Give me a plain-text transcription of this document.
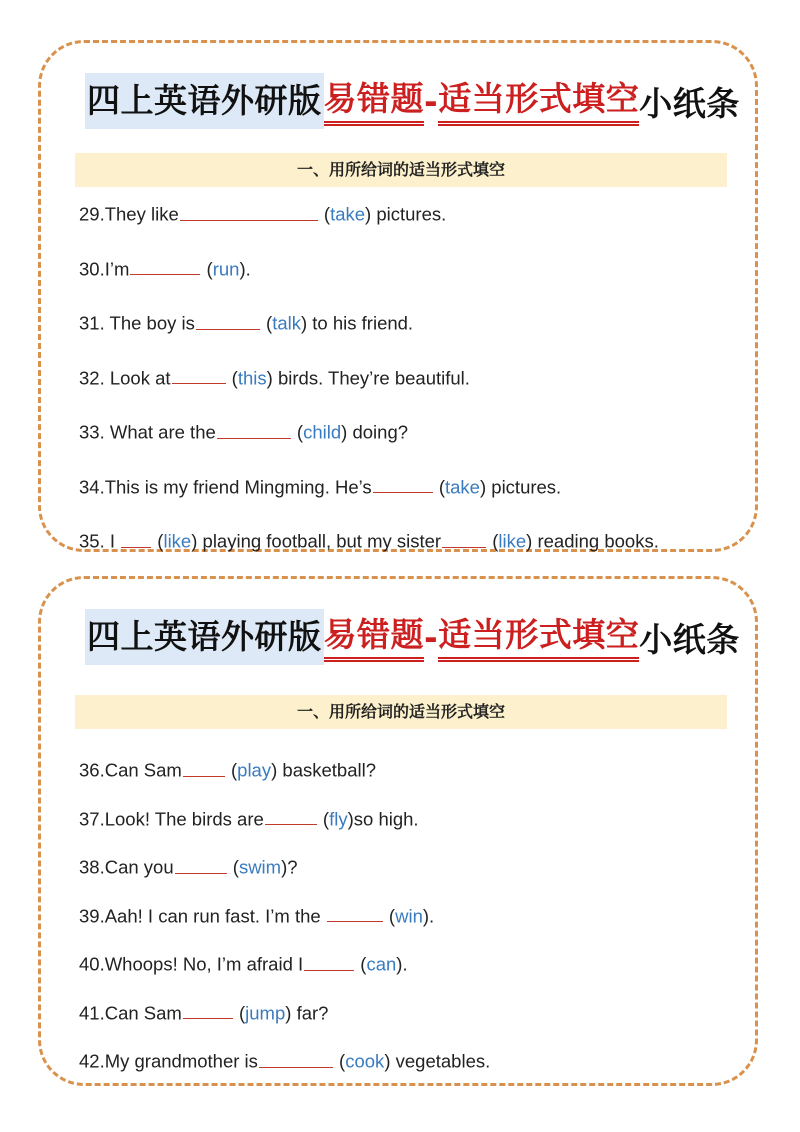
四上英语外研版 易错题 - 适当形式填空 小纸条
一、用所给词的适当形式填空
29.They like	(take) pictures.
30.I’m	(run).
31. The boy is	(talk) to his friend.
32. Look at	(this) birds. They’re beautiful.
33. What are the	(child) doing?
34.This is my friend Mingming. He’s	(take) pictures.
35. I  (like) playing football, but my sister (like) reading books.
四上英语外研版 易错题 - 适当形式填空 小纸条
一、用所给词的适当形式填空
36.Can Sam (play) basketball?
37.Look! The birds are	(fly)so high.
38.Can you	(swim)?
39.Aah! I can run fast. I’m the	(win).
40.Whoops! No, I’m afraid I	(can).
41.Can Sam	(jump) far?
42.My grandmother is	(cook) vegetables.
